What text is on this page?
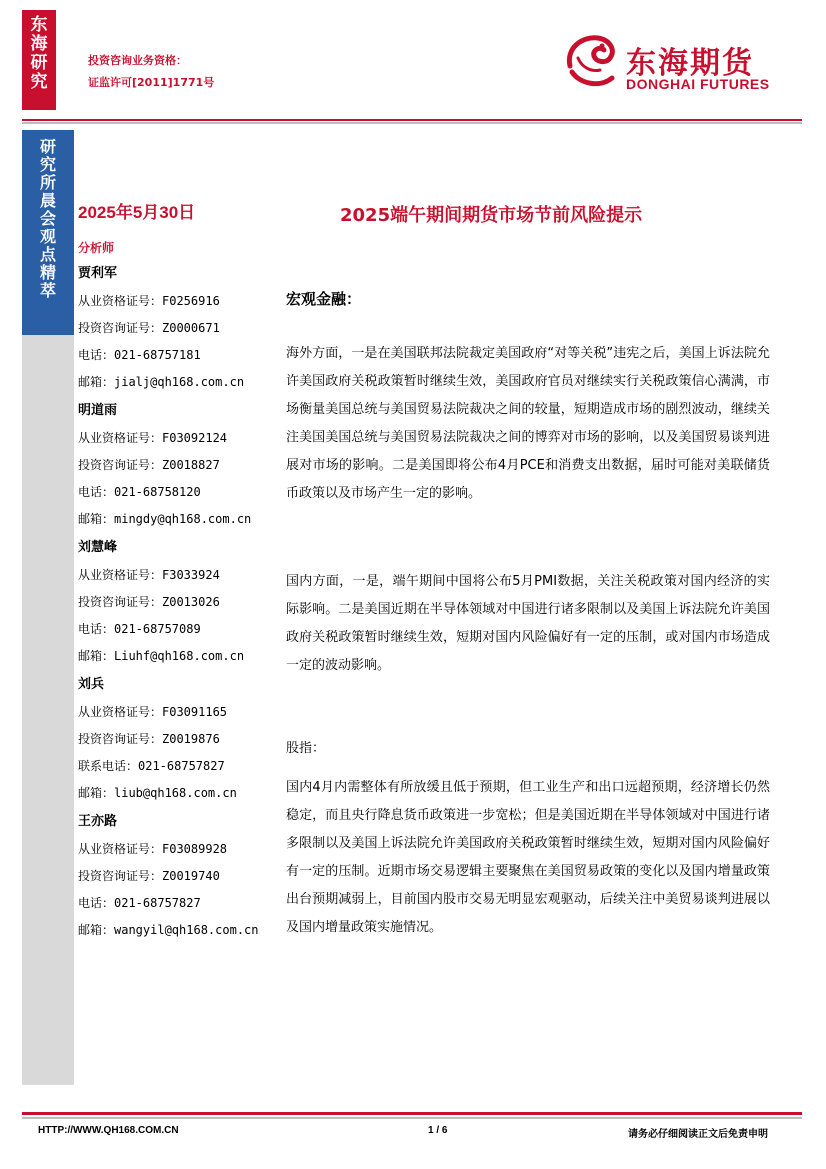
东
海
研
究
投资咨询业务资格：
证监许可[2011]1771号
东海期货
DONGHAI FUTURES
研
究
所
晨
会
观
点
精
萃
2025年5月30日	2025端午期间期货市场节前风险提示
分析师
贾利军
从业资格证号：F0256916
投资咨询证号：Z0000671
电话：021-68757181
邮箱：jialj@qh168.com.cn
明道雨
从业资格证号：F03092124
投资咨询证号：Z0018827
电话：021-68758120
邮箱：mingdy@qh168.com.cn
刘慧峰
从业资格证号：F3033924
投资咨询证号：Z0013026
电话：021-68757089
邮箱：Liuhf@qh168.com.cn
刘兵
从业资格证号：F03091165
投资咨询证号：Z0019876
联系电话：021-68757827
邮箱：liub@qh168.com.cn
王亦路
从业资格证号：F03089928
投资咨询证号：Z0019740
电话：021-68757827
邮箱：wangyil@qh168.com.cn
宏观金融：
海外方面，一是在美国联邦法院裁定美国政府“对等关税”违宪之后，美国上诉法院允许美国政府关税政策暂时继续生效，美国政府官员对继续实行关税政策信心满满，市场衡量美国总统与美国贸易法院裁决之间的较量，短期造成市场的剧烈波动，继续关注美国美国总统与美国贸易法院裁决之间的博弈对市场的影响，以及美国贸易谈判进展对市场的影响。二是美国即将公布4月PCE和消费支出数据，届时可能对美联储货币政策以及市场产生一定的影响。
国内方面，一是，端午期间中国将公布5月PMI数据，关注关税政策对国内经济的实际影响。二是美国近期在半导体领域对中国进行诸多限制以及美国上诉法院允许美国政府关税政策暂时继续生效，短期对国内风险偏好有一定的压制，或对国内市场造成一定的波动影响。
股指：
国内4月内需整体有所放缓且低于预期，但工业生产和出口远超预期，经济增长仍然稳定，而且央行降息货币政策进一步宽松；但是美国近期在半导体领域对中国进行诸多限制以及美国上诉法院允许美国政府关税政策暂时继续生效，短期对国内风险偏好有一定的压制。近期市场交易逻辑主要聚焦在美国贸易政策的变化以及国内增量政策出台预期减弱上，目前国内股市交易无明显宏观驱动，后续关注中美贸易谈判进展以及国内增量政策实施情况。
HTTP://WWW.QH168.COM.CN	1 / 6	请务必仔细阅读正文后免责申明
